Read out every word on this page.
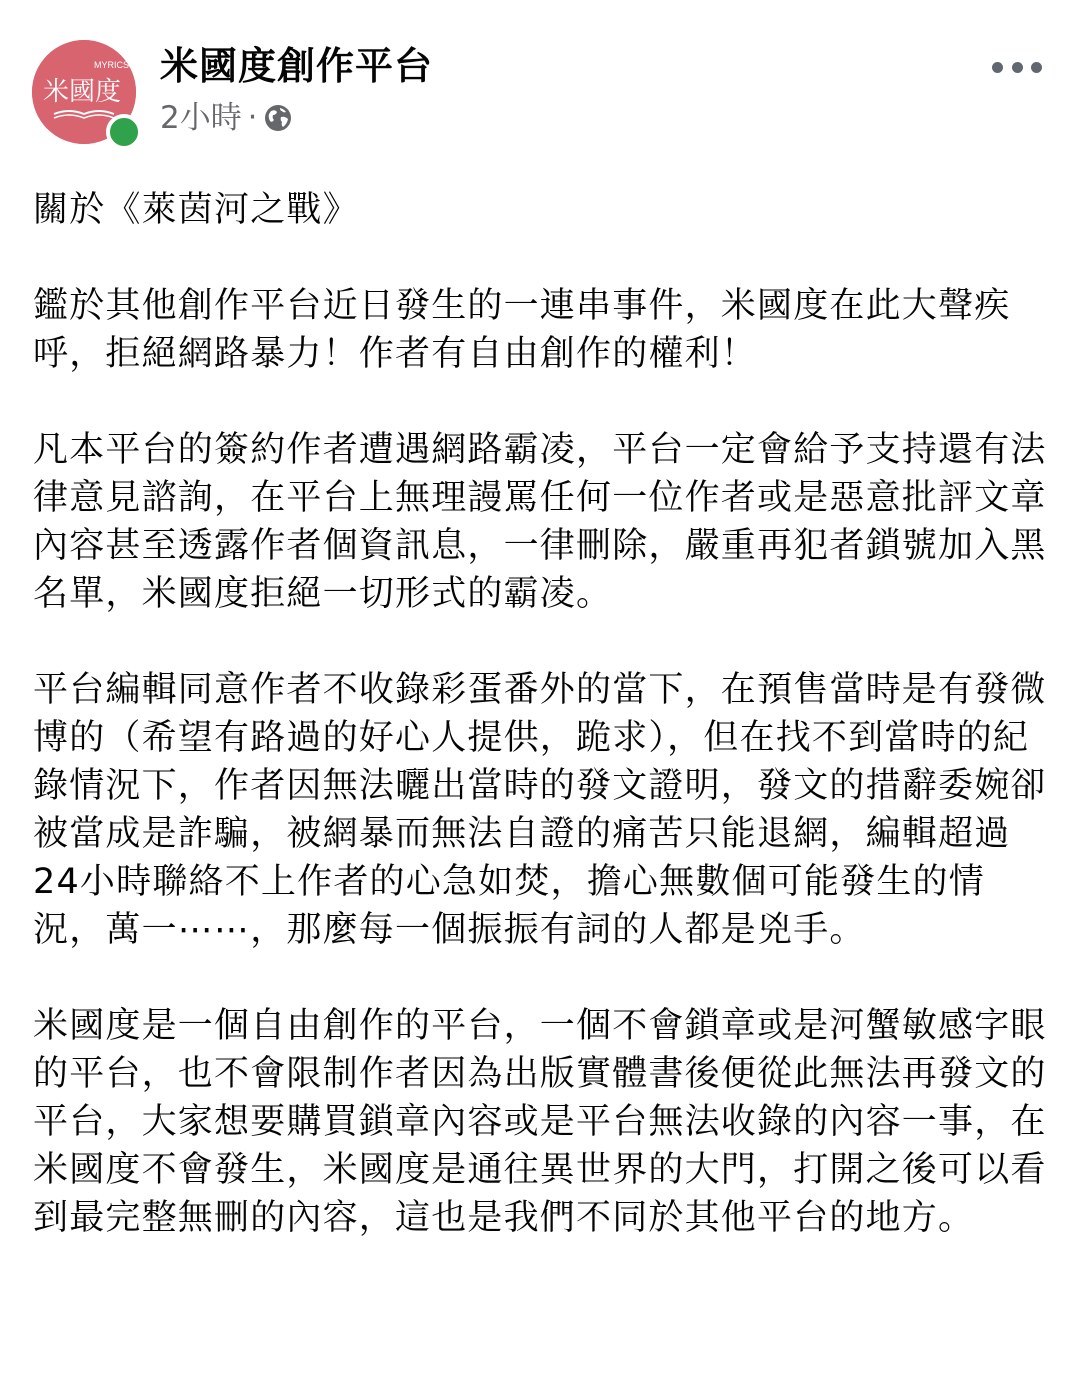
MYRICS
米國度
米國度創作平台
2小時 ·

關於《萊茵河之戰》

鑑於其他創作平台近日發生的一連串事件，米國度在此大聲疾呼，拒絕網路暴力！作者有自由創作的權利！

凡本平台的簽約作者遭遇網路霸凌，平台一定會給予支持還有法律意見諮詢，在平台上無理謾罵任何一位作者或是惡意批評文章內容甚至透露作者個資訊息，一律刪除，嚴重再犯者鎖號加入黑名單，米國度拒絕一切形式的霸凌。

平台編輯同意作者不收錄彩蛋番外的當下，在預售當時是有發微博的（希望有路過的好心人提供，跪求），但在找不到當時的紀錄情況下，作者因無法曬出當時的發文證明，發文的措辭委婉卻被當成是詐騙，被網暴而無法自證的痛苦只能退網，編輯超過24小時聯絡不上作者的心急如焚，擔心無數個可能發生的情況，萬一⋯⋯，那麼每一個振振有詞的人都是兇手。

米國度是一個自由創作的平台，一個不會鎖章或是河蟹敏感字眼的平台，也不會限制作者因為出版實體書後便從此無法再發文的平台，大家想要購買鎖章內容或是平台無法收錄的內容一事，在米國度不會發生，米國度是通往異世界的大門，打開之後可以看到最完整無刪的內容，這也是我們不同於其他平台的地方。
